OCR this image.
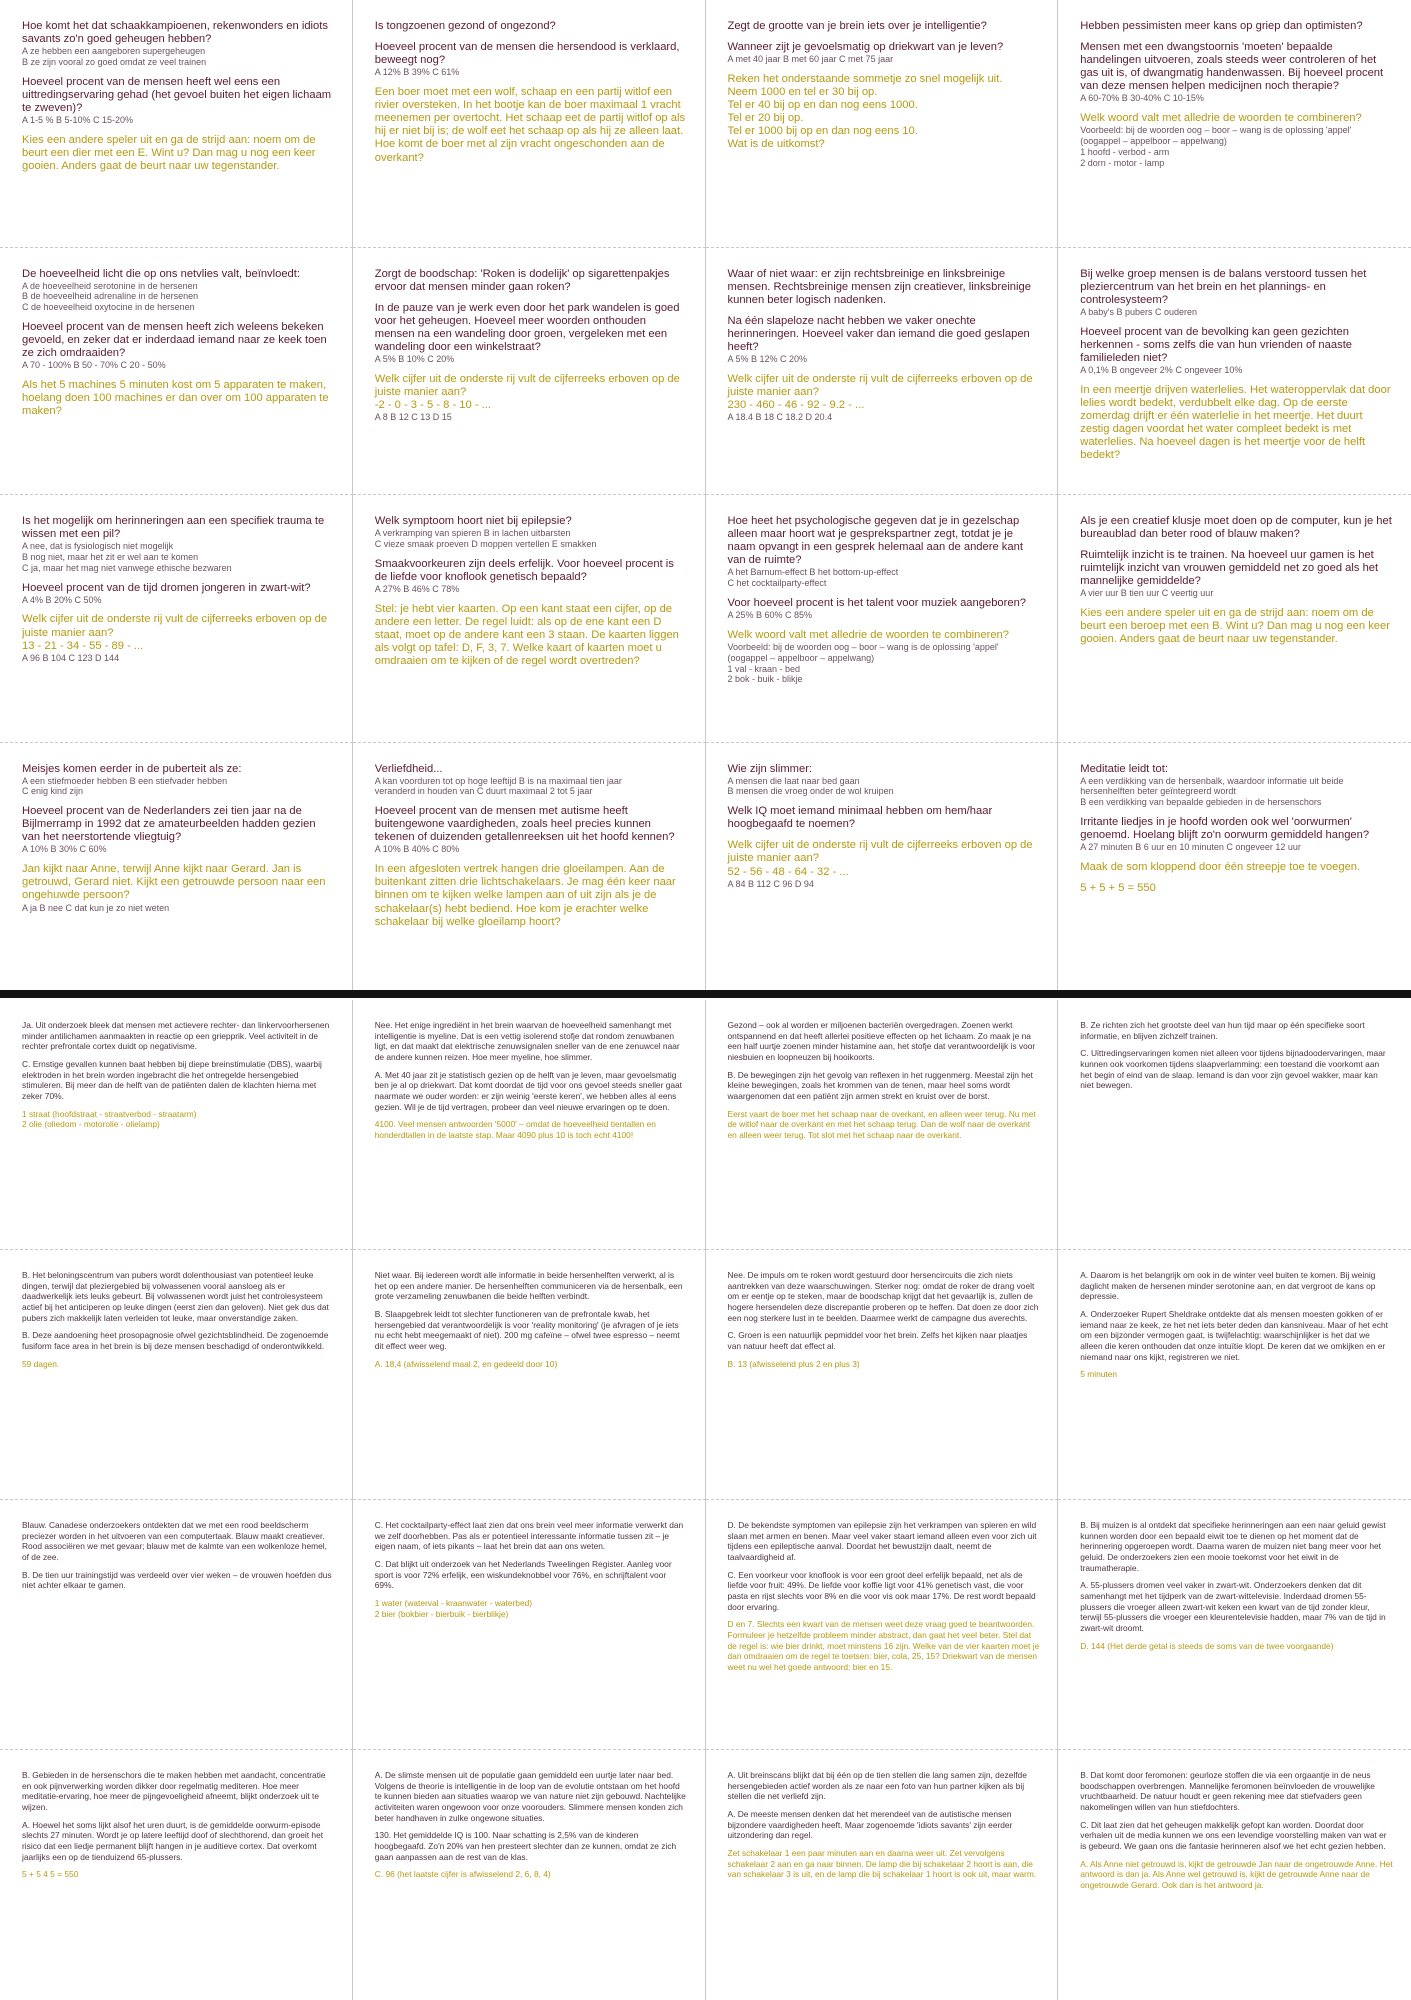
Hoe komt het dat schaakkampioenen, rekenwonders en idiots savants zo'n goed geheugen hebben?
A ze hebben een aangeboren supergeheugen
B ze zijn vooral zo goed omdat ze veel trainen
Hoeveel procent van de mensen heeft wel eens een uittredingservaring gehad (het gevoel buiten het eigen lichaam te zweven)?
A 1-5 % B 5-10% C 15-20%
Kies een andere speler uit en ga de strijd aan: noem om de beurt een dier met een E. Wint u? Dan mag u nog een keer gooien. Anders gaat de beurt naar uw tegenstander.
Is tongzoenen gezond of ongezond?
Hoeveel procent van de mensen die hersendood is verklaard, beweegt nog?
A 12% B 39% C 61%
Een boer moet met een wolf, schaap en een partij witlof een rivier oversteken. In het bootje kan de boer maximaal 1 vracht meenemen per overtocht. Het schaap eet de partij witlof op als hij er niet bij is; de wolf eet het schaap op als hij ze alleen laat. Hoe komt de boer met al zijn vracht ongeschonden aan de overkant?
Zegt de grootte van je brein iets over je intelligentie?
Wanneer zijt je gevoelsmatig op driekwart van je leven?
A met 40 jaar B met 60 jaar C met 75 jaar
Reken het onderstaande sommetje zo snel mogelijk uit.
Neem 1000 en tel er 30 bij op.
Tel er 40 bij op en dan nog eens 1000.
Tel er 20 bij op.
Tel er 1000 bij op en dan nog eens 10.
Wat is de uitkomst?
Hebben pessimisten meer kans op griep dan optimisten?
Mensen met een dwangstoornis 'moeten' bepaalde handelingen uitvoeren, zoals steeds weer controleren of het gas uit is, of dwangmatig handenwassen. Bij hoeveel procent van deze mensen helpen medicijnen noch therapie?
A 60-70% B 30-40% C 10-15%
Welk woord valt met alledrie de woorden te combineren?
Voorbeeld: bij de woorden oog – boor – wang is de oplossing 'appel' (oogappel – appelboor – appelwang)
1 hoofd - verbod - arm
2 dorn - motor - lamp
De hoeveelheid licht die op ons netvlies valt, beïnvloedt:
A de hoeveelheid serotonine in de hersenen
B de hoeveelheid adrenaline in de hersenen
C de hoeveelheid oxytocine in de hersenen
Hoeveel procent van de mensen heeft zich weleens bekeken gevoeld, en zeker dat er inderdaad iemand naar ze keek toen ze zich omdraaiden?
A 70 - 100% B 50 - 70% C 20 - 50%
Als het 5 machines 5 minuten kost om 5 apparaten te maken, hoelang doen 100 machines er dan over om 100 apparaten te maken?
Zorgt de boodschap: 'Roken is dodelijk' op sigarettenpakjes ervoor dat mensen minder gaan roken?
In de pauze van je werk even door het park wandelen is goed voor het geheugen. Hoeveel meer woorden onthouden mensen na een wandeling door groen, vergeleken met een wandeling door een winkelstraat?
A 5% B 10% C 20%
Welk cijfer uit de onderste rij vult de cijferreeks erboven op de juiste manier aan?
-2 - 0 - 3 - 5 - 8 - 10 - ...
A 8 B 12 C 13 D 15
Waar of niet waar: er zijn rechtsbreinige en linksbreinige mensen. Rechtsbreinige mensen zijn creatiever, linksbreinige kunnen beter logisch nadenken.
Na één slapeloze nacht hebben we vaker onechte herinneringen. Hoeveel vaker dan iemand die goed geslapen heeft?
A 5% B 12% C 20%
Welk cijfer uit de onderste rij vult de cijferreeks erboven op de juiste manier aan?
230 - 460 - 46 - 92 - 9.2 - ...
A 18.4 B 18 C 18.2 D 20.4
Bij welke groep mensen is de balans verstoord tussen het pleziercentrum van het brein en het plannings- en controlesysteem?
A baby's B pubers C ouderen
Hoeveel procent van de bevolking kan geen gezichten herkennen - soms zelfs die van hun vrienden of naaste familieleden niet?
A 0,1% B ongeveer 2% C ongeveer 10%
In een meertje drijven waterlelies. Het wateroppervlak dat door lelies wordt bedekt, verdubbelt elke dag. Op de eerste zomerdag drijft er één waterlelie in het meertje. Het duurt zestig dagen voordat het water compleet bedekt is met waterlelies. Na hoeveel dagen is het meertje voor de helft bedekt?
Is het mogelijk om herinneringen aan een specifiek trauma te wissen met een pil?
A nee, dat is fysiologisch niet mogelijk
B nog niet, maar het zit er wel aan te komen
C ja, maar het mag niet vanwege ethische bezwaren
Hoeveel procent van de tijd dromen jongeren in zwart-wit?
A 4% B 20% C 50%
Welk cijfer uit de onderste rij vult de cijferreeks erboven op de juiste manier aan?
13 - 21 - 34 - 55 - 89 - ...
A 96 B 104 C 123 D 144
Welk symptoom hoort niet bij epilepsie?
A verkramping van spieren B in lachen uitbarsten
C vieze smaak proeven D moppen vertellen E smakken
Smaakvoorkeuren zijn deels erfelijk. Voor hoeveel procent is de liefde voor knoflook genetisch bepaald?
A 27% B 46% C 78%
Stel: je hebt vier kaarten. Op een kant staat een cijfer, op de andere een letter. De regel luidt: als op de ene kant een D staat, moet op de andere kant een 3 staan. De kaarten liggen als volgt op tafel: D, F, 3, 7. Welke kaart of kaarten moet u omdraaien om te kijken of de regel wordt overtreden?
Hoe heet het psychologische gegeven dat je in gezelschap alleen maar hoort wat je gesprekspartner zegt, totdat je je naam opvangt in een gesprek helemaal aan de andere kant van de ruimte?
A het Barnum-effect B het bottom-up-effect
C het cocktailparty-effect
Voor hoeveel procent is het talent voor muziek aangeboren?
A 25% B 60% C 85%
Welk woord valt met alledrie de woorden te combineren?
Voorbeeld: bij de woorden oog – boor – wang is de oplossing 'appel' (oogappel – appelboor – appelwang)
1 val - kraan - bed
2 bok - buik - blikje
Als je een creatief klusje moet doen op de computer, kun je het bureaublad dan beter rood of blauw maken?
Ruimtelijk inzicht is te trainen. Na hoeveel uur gamen is het ruimtelijk inzicht van vrouwen gemiddeld net zo goed als het mannelijke gemiddelde?
A vier uur B tien uur C veertig uur
Kies een andere speler uit en ga de strijd aan: noem om de beurt een beroep met een B. Wint u? Dan mag u nog een keer gooien. Anders gaat de beurt naar uw tegenstander.
Meisjes komen eerder in de puberteit als ze:
A een stiefmoeder hebben B een stiefvader hebben
C enig kind zijn
Hoeveel procent van de Nederlanders zei tien jaar na de Bijlmerramp in 1992 dat ze amateurbeelden hadden gezien van het neerstortende vliegtuig?
A 10% B 30% C 60%
Jan kijkt naar Anne, terwijl Anne kijkt naar Gerard. Jan is getrouwd, Gerard niet. Kijkt een getrouwde persoon naar een ongehuwde persoon?
A ja B nee C dat kun je zo niet weten
Verliefdheid...
A kan voorduren tot op hoge leeftijd B is na maximaal tien jaar
veranderd in houden van C duurt maximaal 2 tot 5 jaar
Hoeveel procent van de mensen met autisme heeft buitengewone vaardigheden, zoals heel precies kunnen tekenen of duizenden getallenreeksen uit het hoofd kennen?
A 10% B 40% C 80%
In een afgesloten vertrek hangen drie gloeilampen. Aan de buitenkant zitten drie lichtschakelaars. Je mag één keer naar binnen om te kijken welke lampen aan of uit zijn als je de schakelaar(s) hebt bediend. Hoe kom je erachter welke schakelaar bij welke gloeilamp hoort?
Wie zijn slimmer:
A mensen die laat naar bed gaan
B mensen die vroeg onder de wol kruipen
Welk IQ moet iemand minimaal hebben om hem/haar hoogbegaafd te noemen?
Welk cijfer uit de onderste rij vult de cijferreeks erboven op de juiste manier aan?
52 - 56 - 48 - 64 - 32 - ...
A 84 B 112 C 96 D 94
Meditatie leidt tot:
A een verdikking van de hersenbalk, waardoor informatie uit beide hersenhelften beter geïntegreerd wordt
B een verdikking van bepaalde gebieden in de hersenschors
Irritante liedjes in je hoofd worden ook wel 'oorwurmen' genoemd. Hoelang blijft zo'n oorwurm gemiddeld hangen?
A 27 minuten B 6 uur en 10 minuten C ongeveer 12 uur
Maak de som kloppend door één streepje toe te voegen.
5 + 5 + 5 = 550
Ja. Uit onderzoek bleek dat mensen met actievere rechter- dan linkervoorhersenen minder antilichamen aanmaakten in reactie op een griepprik. Veel activiteit in de rechter prefrontale cortex duidt op negativisme.
C. Ernstige gevallen kunnen baat hebben bij diepe breinstimulatie (DBS), waarbij elektroden in het brein worden ingebracht die het ontregelde hersengebied stimuleren. Bij meer dan de helft van de patiënten dalen de klachten hierna met zeker 70%.
1 straat (hoofdstraat - straatverbod - straatarm)
2 olie (oliedom - motorolie - olielamp)
Nee. Het enige ingrediënt in het brein waarvan de hoeveelheid samenhangt met intelligentie is myeline. Dat is een vettig isolerend stofje dat rondom zenuwbanen ligt, en dat maakt dat elektrische zenuwsignalen sneller van de ene zenuwcel naar de andere kunnen reizen. Hoe meer myeline, hoe slimmer.
A. Met 40 jaar zit je statistisch gezien op de helft van je leven, maar gevoelsmatig ben je al op driekwart. Dat komt doordat de tijd voor ons gevoel steeds sneller gaat naarmate we ouder worden: er zijn weinig 'eerste keren', we hebben alles al eens gezien. Wil je de tijd vertragen, probeer dan veel nieuwe ervaringen op te doen.
4100. Veel mensen antwoorden '5000' – omdat de hoeveelheid tientallen en honderdtallen in de laatste stap. Maar 4090 plus 10 is toch echt 4100!
Gezond – ook al worden er miljoenen bacteriën overgedragen. Zoenen werkt ontspannend en dat heeft allerlei positieve effecten op het lichaam. Zo maak je na een half uurtje zoenen minder histamine aan, het stofje dat verantwoordelijk is voor niesbuien en loopneuzen bij hooikoorts.
B. De bewegingen zijn het gevolg van reflexen in het ruggenmerg. Meestal zijn het kleine bewegingen, zoals het krommen van de tenen, maar heel soms wordt waargenomen dat een patiënt zijn armen strekt en kruist over de borst.
Eerst vaart de boer met het schaap naar de overkant, en alleen weer terug. Nu met de witlof naar de overkant en met het schaap terug. Dan de wolf naar de overkant en alleen weer terug. Tot slot met het schaap naar de overkant.
B. Ze richten zich het grootste deel van hun tijd maar op één specifieke soort informatie, en blijven zichzelf trainen.
C. Uittredingservaringen komen niet alleen voor tijdens bijnadoodervaringen, maar kunnen ook voorkomen tijdens slaapverlamming: een toestand die voorkomt aan het begin of eind van de slaap. Iemand is dan voor zijn gevoel wakker, maar kan niet bewegen.
B. Het beloningscentrum van pubers wordt dolenthousiast van potentieel leuke dingen, terwijl dat pleziergebied bij volwassenen vooral aansloeg als er daadwerkelijk iets leuks gebeurt. Bij volwassenen wordt juist het controlesysteem actief bij het anticiperen op leuke dingen (eerst zien dan geloven). Niet gek dus dat pubers zich makkelijk laten verleiden tot leuke, maar onverstandige zaken.
B. Deze aandoening heet prosopagnosie ofwel gezichtsblindheid. De zogenoemde fusiform face area in het brein is bij deze mensen beschadigd of onderontwikkeld.
59 dagen.
Niet waar. Bij iedereen wordt alle informatie in beide hersenhelften verwerkt, al is het op een andere manier. De hersenhelften communiceren via de hersenbalk, een grote verzameling zenuwbanen die beide helften verbindt.
B. Slaapgebrek leidt tot slechter functioneren van de prefrontale kwab, het hersengebied dat verantwoordelijk is voor 'reality monitoring' (je afvragen of je iets nu echt hebt meegemaakt of niet). 200 mg cafeïne – ofwel twee espresso – neemt dit effect weer weg.
A. 18,4 (afwisselend maal 2, en gedeeld door 10)
Nee. De impuls om te roken wordt gestuurd door hersencircuits die zich niets aantrekken van deze waarschuwingen. Sterker nog: omdat de roker de drang voelt om er eentje op te steken, maar de boodschap krijgt dat het gevaarlijk is, zullen de hogere hersendelen deze discrepantie proberen op te heffen. Dat doen ze door zich een nog sterkere lust in te beelden. Daarmee werkt de campagne dus averechts.
C. Groen is een natuurlijk pepmiddel voor het brein. Zelfs het kijken naar plaatjes van natuur heeft dat effect al.
B. 13 (afwisselend plus 2 en plus 3)
A. Daarom is het belangrijk om ook in de winter veel buiten te komen. Bij weinig daglicht maken de hersenen minder serotonine aan, en dat vergroot de kans op depressie.
A. Onderzoeker Rupert Sheldrake ontdekte dat als mensen moesten gokken of er iemand naar ze keek, ze het net iets beter deden dan kansniveau. Maar of het echt om een bijzonder vermogen gaat, is twijfelachtig: waarschijnlijker is het dat we alleen die keren onthouden dat onze intuïtie klopt. De keren dat we omkijken en er niemand naar ons kijkt, registreren we niet.
5 minuten
Blauw. Canadese onderzoekers ontdekten dat we met een rood beeldscherm preciezer worden in het uitvoeren van een computertaak. Blauw maakt creatiever. Rood associëren we met gevaar; blauw met de kalmte van een wolkenloze hemel, of de zee.
B. De tien uur trainingstijd was verdeeld over vier weken – de vrouwen hoefden dus niet achter elkaar te gamen.
C. Het cocktailparty-effect laat zien dat ons brein veel meer informatie verwerkt dan we zelf doorhebben. Pas als er potentieel interessante informatie tussen zit – je eigen naam, of iets pikants – laat het brein dat aan ons weten.
C. Dat blijkt uit onderzoek van het Nederlands Tweelingen Register. Aanleg voor sport is voor 72% erfelijk, een wiskundeknobbel voor 76%, en schrijftalent voor 69%.
1 water (waterval - kraanwater - waterbed)
2 bier (bokbier - bierbuik - bierblikje)
D. De bekendste symptomen van epilepsie zijn het verkrampen van spieren en wild slaan met armen en benen. Maar veel vaker staart iemand alleen even voor zich uit tijdens een epileptische aanval. Doordat het bewustzijn daalt, neemt de taalvaardigheid af.
C. Een voorkeur voor knoflook is voor een groot deel erfelijk bepaald, net als de liefde voor fruit: 49%. De liefde voor koffie ligt voor 41% genetisch vast, die voor pasta en rijst slechts voor 8% en die voor vis ook maar 17%. De rest wordt bepaald door ervaring.
D en 7. Slechts een kwart van de mensen weet deze vraag goed te beantwoorden. Formuleer je hetzelfde probleem minder abstract, dan gaat het veel beter. Stel dat de regel is: wie bier drinkt, moet minstens 16 zijn. Welke van de vier kaarten moet je dan omdraaien om de regel te toetsen: bier, cola, 25, 15? Driekwart van de mensen weet nu wel het goede antwoord: bier en 15.
B. Bij muizen is al ontdekt dat specifieke herinneringen aan een naar geluid gewist kunnen worden door een bepaald eiwit toe te dienen op het moment dat de herinnering opgeroepen wordt. Daarna waren de muizen niet bang meer voor het geluid. De onderzoekers zien een mooie toekomst voor het eiwit in de traumatherapie.
A. 55-plussers dromen veel vaker in zwart-wit. Onderzoekers denken dat dit samenhangt met het tijdperk van de zwart-wittelevisie. Inderdaad dromen 55-plussers die vroeger alleen zwart-wit keken een kwart van de tijd zonder kleur, terwijl 55-plussers die vroeger een kleurentelevisie hadden, maar 7% van de tijd in zwart-wit droomt.
D. 144 (Het derde getal is steeds de soms van de twee voorgaande)
B. Gebieden in de hersenschors die te maken hebben met aandacht, concentratie en ook pijnverwerking worden dikker door regelmatig mediteren. Hoe meer meditatie-ervaring, hoe meer de pijngevoeligheid afneemt, blijkt onderzoek uit te wijzen.
A. Hoewel het soms lijkt alsof het uren duurt, is de gemiddelde oorwurm-episode slechts 27 minuten. Wordt je op latere leeftijd doof of slechthorend, dan groeit het risico dat een liedje permanent blijft hangen in je auditieve cortex. Dat overkomt jaarlijks een op de tienduizend 65-plussers.
5 + 5 4 5 = 550
A. De slimste mensen uit de populatie gaan gemiddeld een uurtje later naar bed. Volgens de theorie is intelligentie in de loop van de evolutie ontstaan om het hoofd te kunnen bieden aan situaties waarop we van nature niet zijn gebouwd. Nachtelijke activiteiten waren ongewoon voor onze voorouders. Slimmere mensen konden zich beter handhaven in zulke ongewone situaties.
130. Het gemiddelde IQ is 100. Naar schatting is 2,5% van de kinderen hoogbegaafd. Zo'n 20% van hen presteert slechter dan ze kunnen, omdat ze zich gaan aanpassen aan de rest van de klas.
C. 96 (het laatste cijfer is afwisselend 2, 6, 8, 4)
A. Uit breinscans blijkt dat bij één op de tien stellen die lang samen zijn, dezelfde hersengebieden actief worden als ze naar een foto van hun partner kijken als bij stellen die net verliefd zijn.
A. De meeste mensen denken dat het merendeel van de autistische mensen bijzondere vaardigheden heeft. Maar zogenoemde 'idiots savants' zijn eerder uitzondering dan regel.
Zet schakelaar 1 een paar minuten aan en daarna weer uit. Zet vervolgens schakelaar 2 aan en ga naar binnen. De lamp die bij schakelaar 2 hoort is aan, die van schakelaar 3 is uit, en de lamp die bij schakelaar 1 hoort is ook uit, maar warm.
B. Dat komt door feromonen: geurloze stoffen die via een orgaantje in de neus boodschappen overbrengen. Mannelijke feromonen beïnvloeden de vrouwelijke vruchtbaarheid. De natuur houdt er geen rekening mee dat stiefvaders geen nakomelingen willen van hun stiefdochters.
C. Dit laat zien dat het geheugen makkelijk gefopt kan worden. Doordat door verhalen uit de media kunnen we ons een levendige voorstelling maken van wat er is gebeurd. We gaan ons die fantasie herinneren alsof we het echt gezien hebben.
A. Als Anne niet getrouwd is, kijkt de getrouwde Jan naar de ongetrouwde Anne. Het antwoord is dan ja. Als Anne wel getrouwd is, kijkt de getrouwde Anne naar de ongetrouwde Gerard. Ook dan is het antwoord ja.
